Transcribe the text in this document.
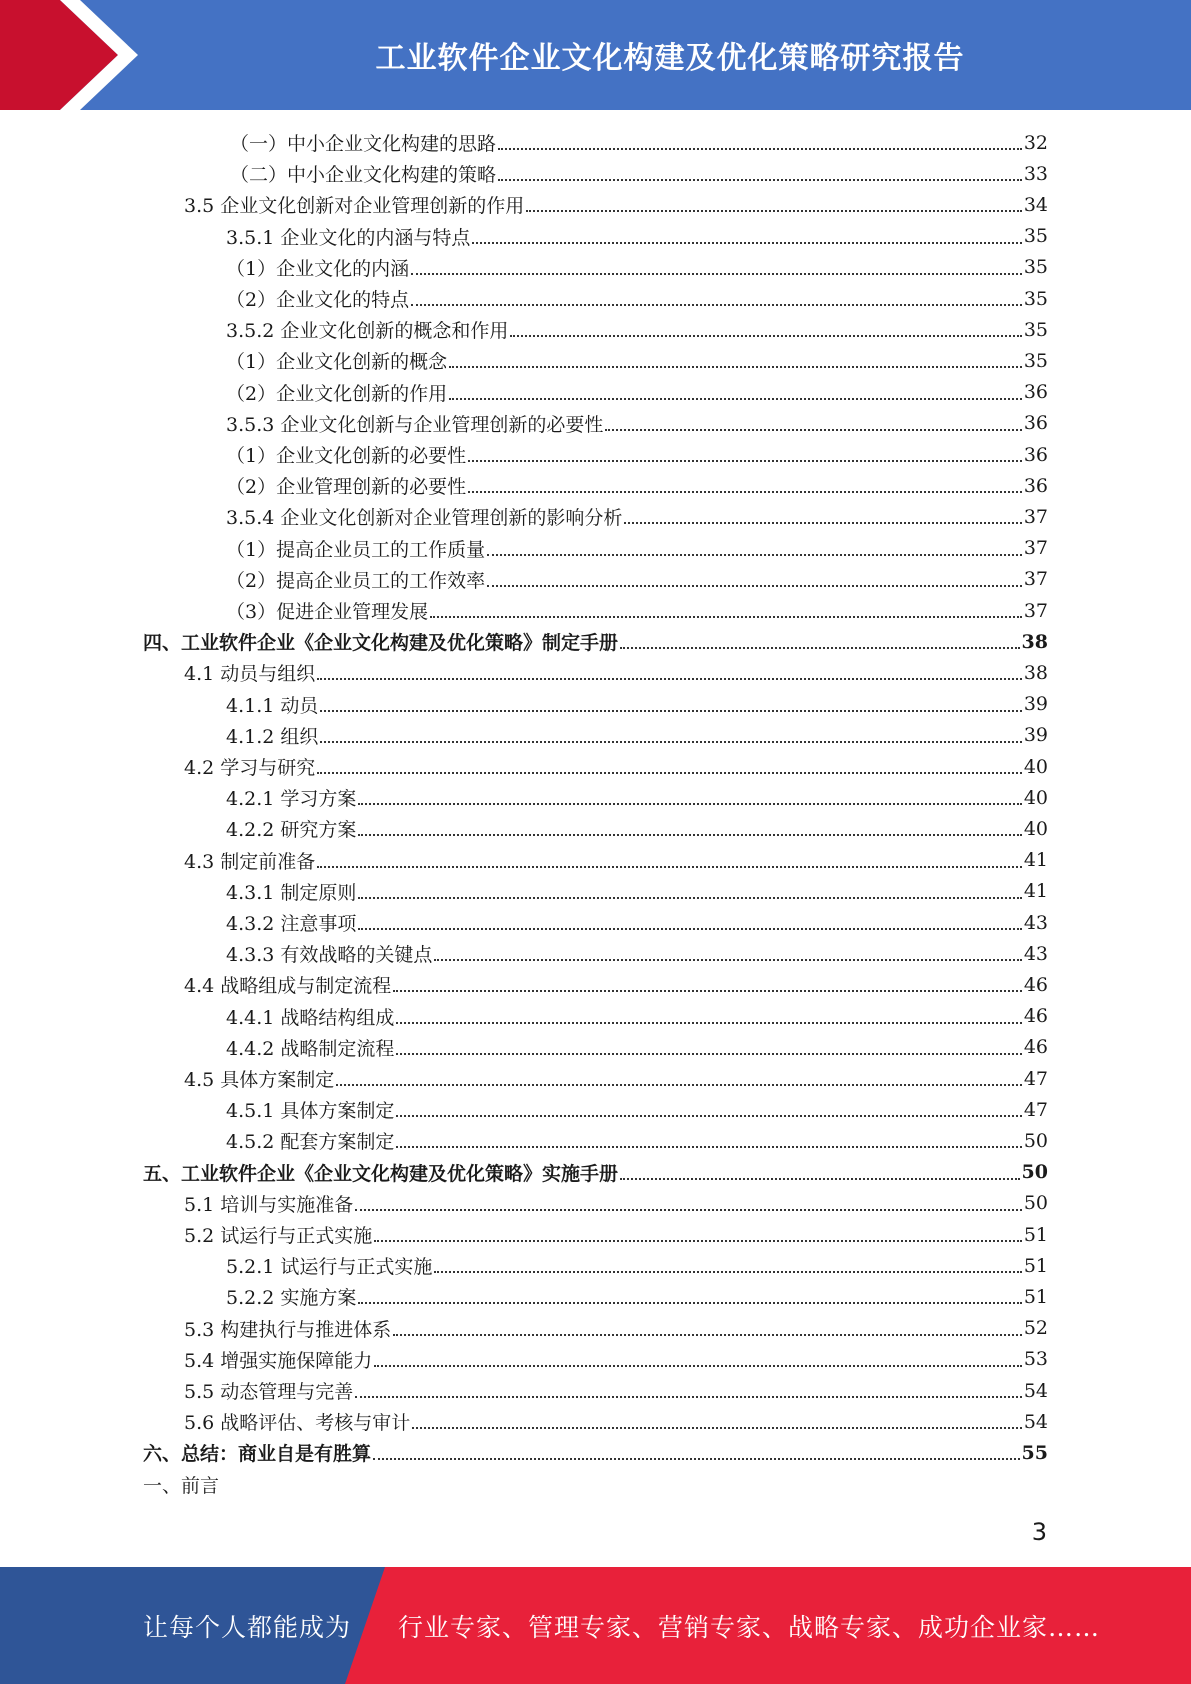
工业软件企业文化构建及优化策略研究报告
（一）中小企业文化构建的思路	32
（二）中小企业文化构建的策略	33
3.5 企业文化创新对企业管理创新的作用	34
3.5.1 企业文化的内涵与特点	35
（1）企业文化的内涵	35
（2）企业文化的特点	35
3.5.2 企业文化创新的概念和作用	35
（1）企业文化创新的概念	35
（2）企业文化创新的作用	36
3.5.3 企业文化创新与企业管理创新的必要性	36
（1）企业文化创新的必要性	36
（2）企业管理创新的必要性	36
3.5.4 企业文化创新对企业管理创新的影响分析	37
（1）提高企业员工的工作质量	37
（2）提高企业员工的工作效率	37
（3）促进企业管理发展	37
四、工业软件企业《企业文化构建及优化策略》制定手册	38
4.1 动员与组织	38
4.1.1 动员	39
4.1.2 组织	39
4.2 学习与研究	40
4.2.1 学习方案	40
4.2.2 研究方案	40
4.3 制定前准备	41
4.3.1 制定原则	41
4.3.2 注意事项	43
4.3.3 有效战略的关键点	43
4.4 战略组成与制定流程	46
4.4.1 战略结构组成	46
4.4.2 战略制定流程	46
4.5 具体方案制定	47
4.5.1 具体方案制定	47
4.5.2 配套方案制定	50
五、工业软件企业《企业文化构建及优化策略》实施手册	50
5.1 培训与实施准备	50
5.2 试运行与正式实施	51
5.2.1 试运行与正式实施	51
5.2.2 实施方案	51
5.3 构建执行与推进体系	52
5.4 增强实施保障能力	53
5.5 动态管理与完善	54
5.6 战略评估、考核与审计	54
六、总结：商业自是有胜算	55
一、前言
3
让每个人都能成为 行业专家、管理专家、营销专家、战略专家、成功企业家……
